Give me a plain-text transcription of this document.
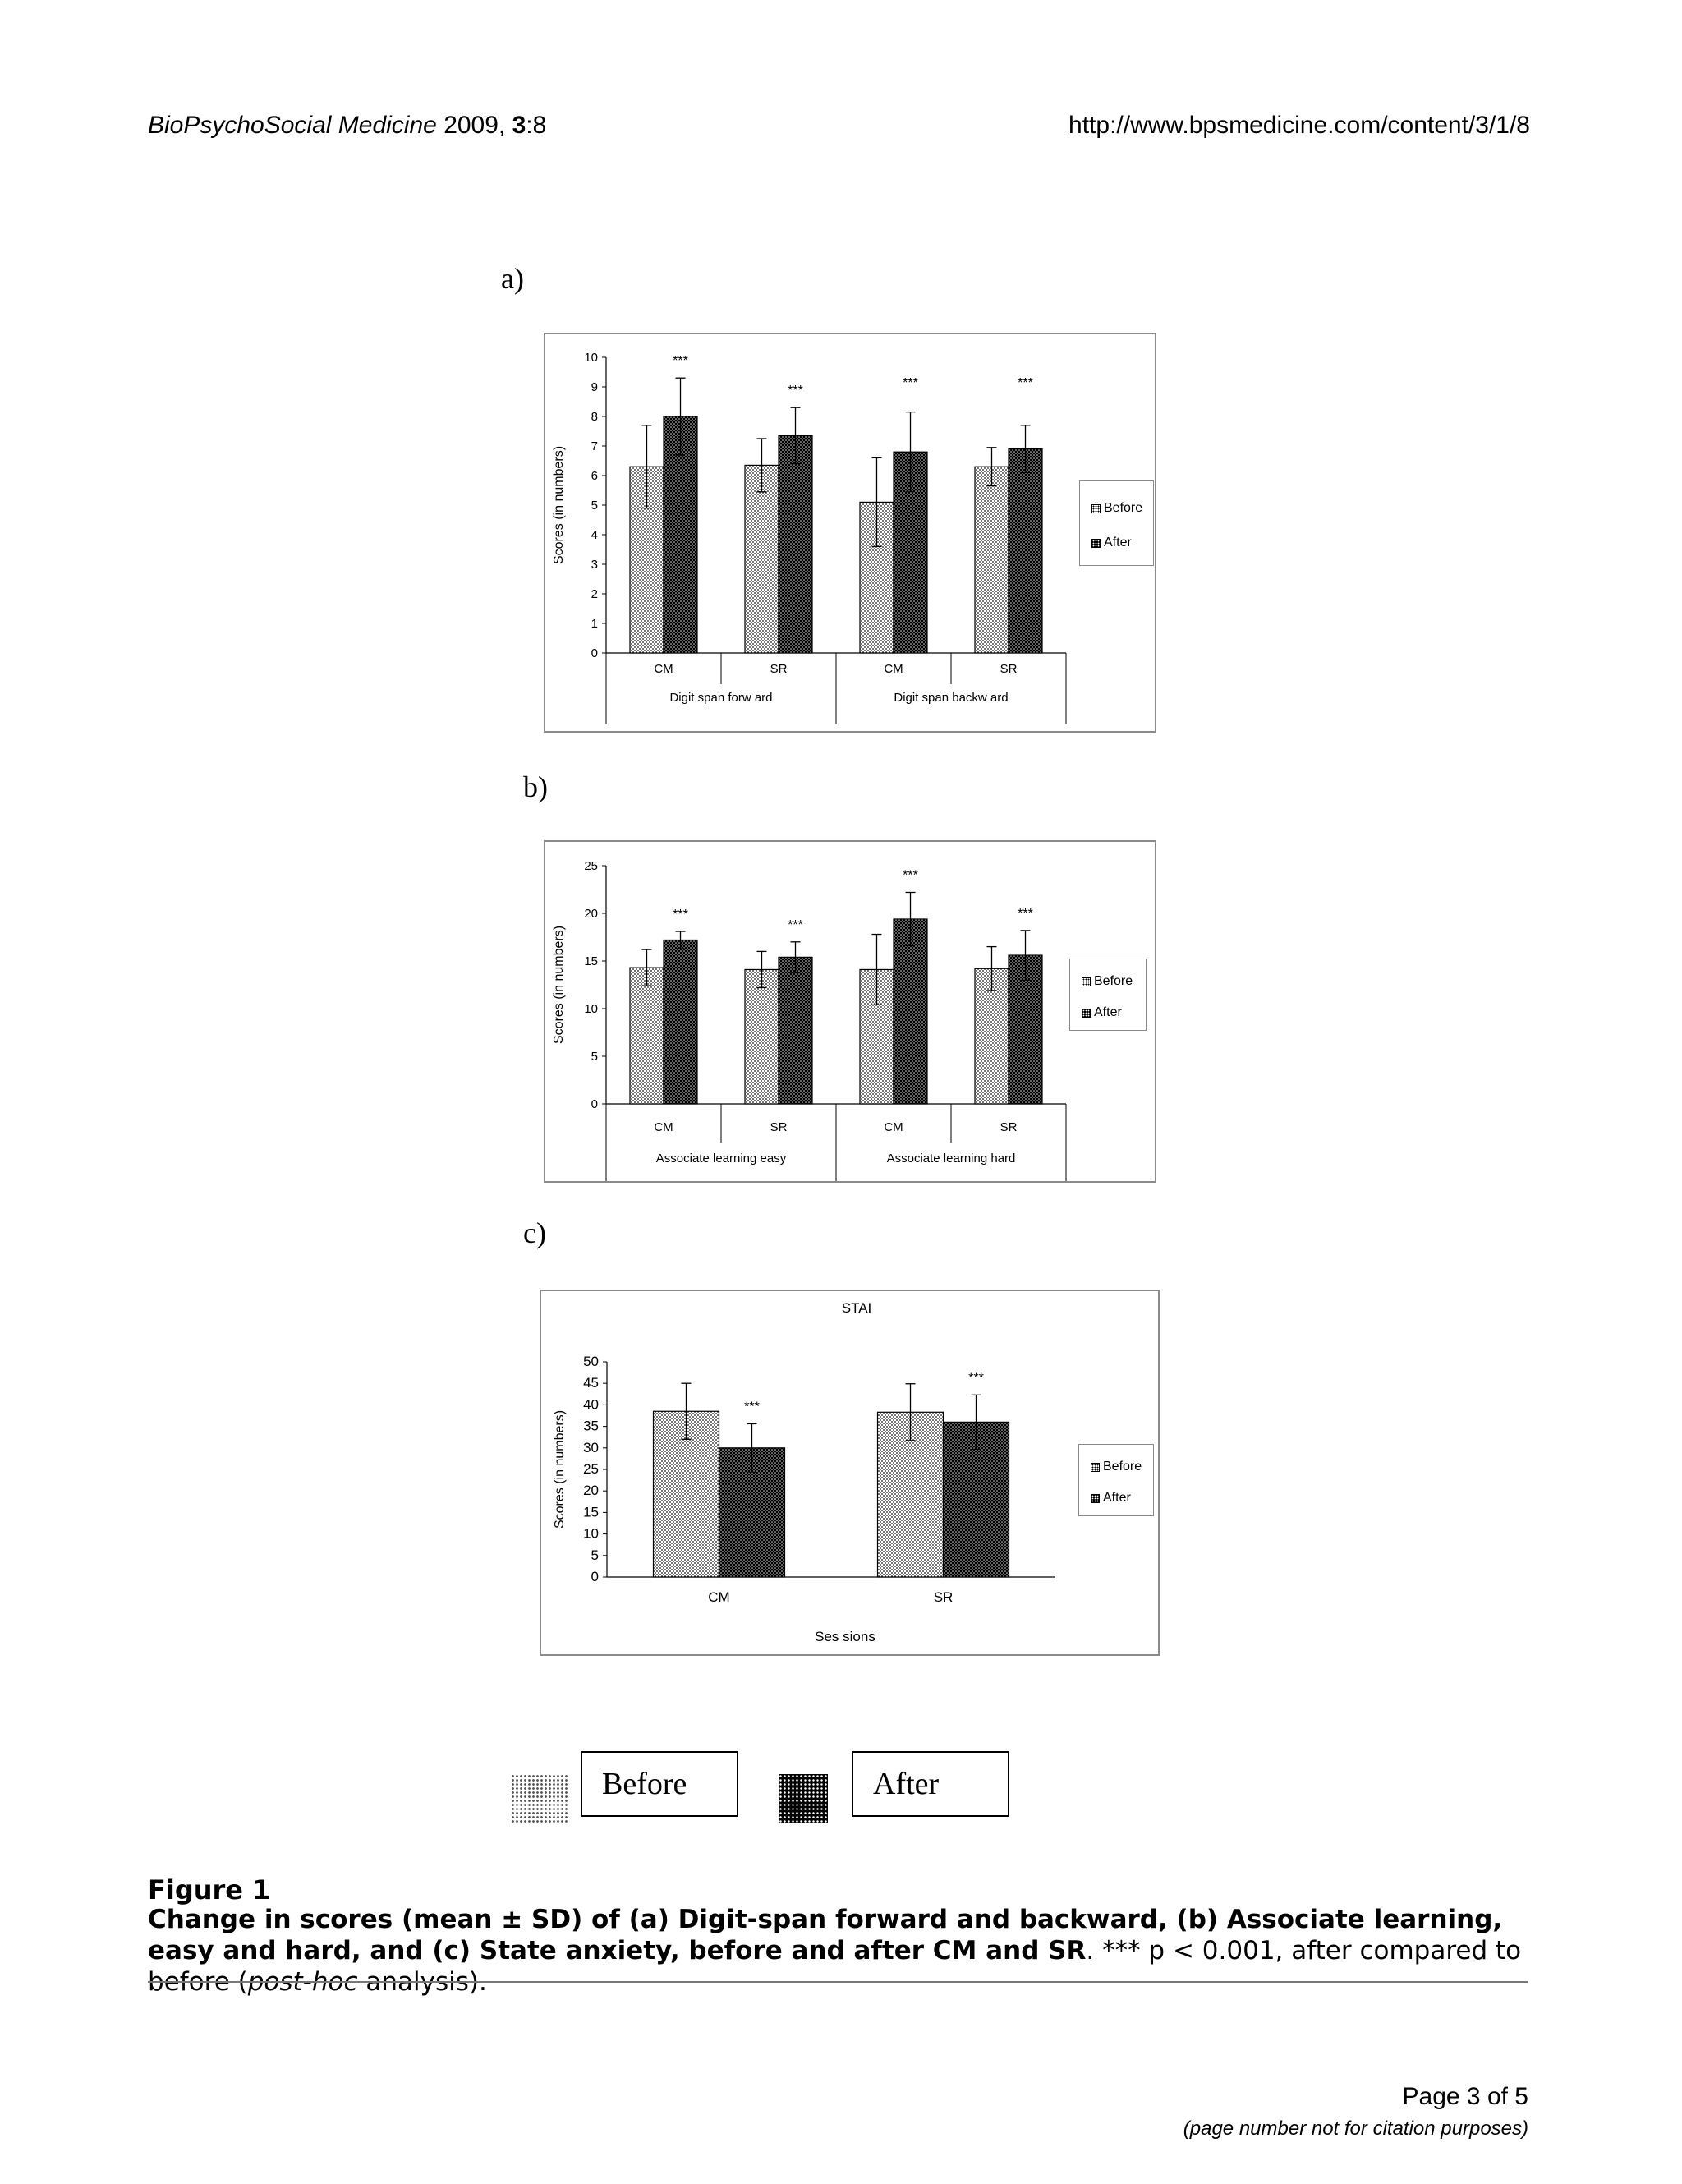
BioPsychoSocial Medicine 2009, 3:8	http://www.bpsmedicine.com/content/3/1/8
a)
b)
c)
0
1
2
3
4
5
6
7
8
9
10
Scores (in numbers)
CM
***
SR
***
CM
***
SR
***
Digit span forw ard	Digit span backw ard
Before
After
0
5
10
15
20
25
Scores (in numbers)
CM
***
SR
***
CM
***
SR
***
Associate learning easy	Associate learning hard
Before
After
0
5
10
15
20
25
30
35
40
45
50
Scores (in numbers)
CM
***
SR
***
STAI
Ses sions
Before
After
Before	After
Figure 1
Change in scores (mean ± SD) of (a) Digit-span forward and backward, (b) Associate learning, easy and hard, and (c) State anxiety, before and after CM and SR. *** p < 0.001, after compared to before (post-hoc analysis).
Page 3 of 5
(page number not for citation purposes)
